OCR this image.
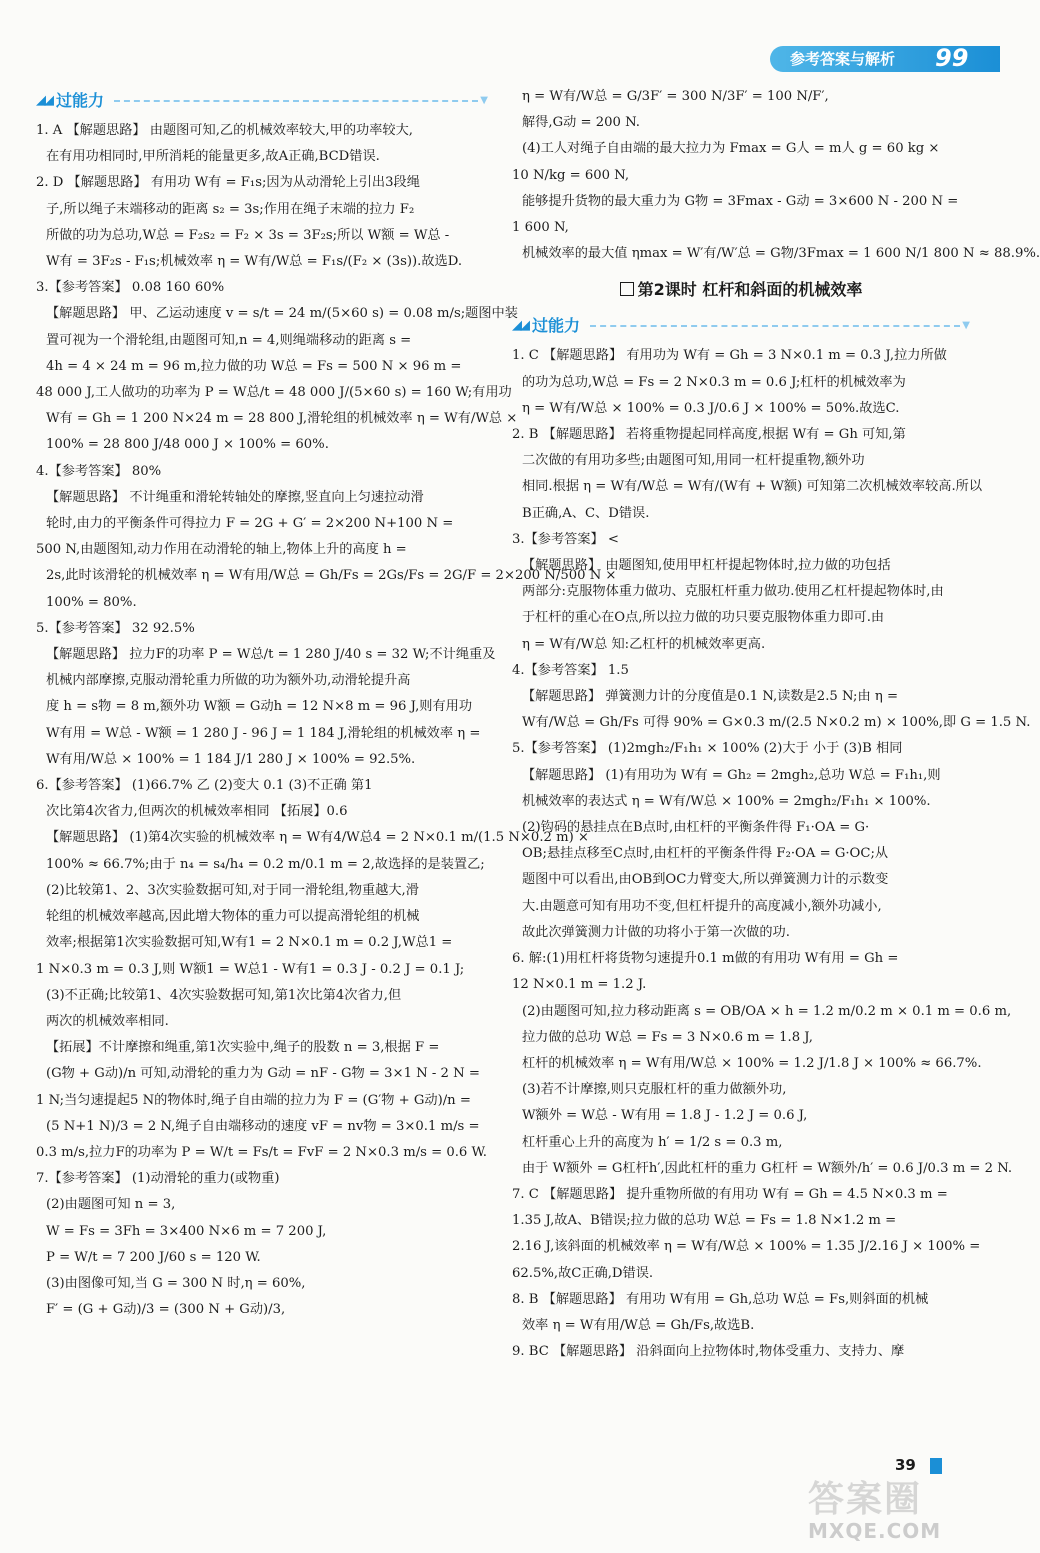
参考答案与解析 99
◢◢ 过能力	▼
1. A 【解题思路】 由题图可知,乙的机械效率较大,甲的功率较大,
在有用功相同时,甲所消耗的能量更多,故A正确,BCD错误.
2. D 【解题思路】 有用功 W有 = F₁s;因为从动滑轮上引出3段绳
子,所以绳子末端移动的距离 s₂ = 3s;作用在绳子末端的拉力 F₂
所做的功为总功,W总 = F₂s₂ = F₂ × 3s = 3F₂s;所以 W额 = W总 -
W有 = 3F₂s - F₁s;机械效率 η = W有/W总 = F₁s/(F₂ × (3s)).故选D.
3.【参考答案】 0.08 160 60%
【解题思路】 甲、乙运动速度 v = s/t = 24 m/(5×60 s) = 0.08 m/s;题图中装
置可视为一个滑轮组,由题图可知,n = 4,则绳端移动的距离 s =
4h = 4 × 24 m = 96 m,拉力做的功 W总 = Fs = 500 N × 96 m =
48 000 J,工人做功的功率为 P = W总/t = 48 000 J/(5×60 s) = 160 W;有用功
W有 = Gh = 1 200 N×24 m = 28 800 J,滑轮组的机械效率 η = W有/W总 ×
100% = 28 800 J/48 000 J × 100% = 60%.
4.【参考答案】 80%
【解题思路】 不计绳重和滑轮转轴处的摩擦,竖直向上匀速拉动滑
轮时,由力的平衡条件可得拉力 F = 2G + G′ = 2×200 N+100 N =
500 N,由题图知,动力作用在动滑轮的轴上,物体上升的高度 h =
2s,此时该滑轮的机械效率 η = W有用/W总 = Gh/Fs = 2Gs/Fs = 2G/F = 2×200 N/500 N ×
100% = 80%.
5.【参考答案】 32 92.5%
【解题思路】 拉力F的功率 P = W总/t = 1 280 J/40 s = 32 W;不计绳重及
机械内部摩擦,克服动滑轮重力所做的功为额外功,动滑轮提升高
度 h = s物 = 8 m,额外功 W额 = G动h = 12 N×8 m = 96 J,则有用功
W有用 = W总 - W额 = 1 280 J - 96 J = 1 184 J,滑轮组的机械效率 η =
W有用/W总 × 100% = 1 184 J/1 280 J × 100% = 92.5%.
6.【参考答案】 (1)66.7% 乙 (2)变大 0.1 (3)不正确 第1
次比第4次省力,但两次的机械效率相同 【拓展】0.6
【解题思路】 (1)第4次实验的机械效率 η = W有4/W总4 = 2 N×0.1 m/(1.5 N×0.2 m) ×
100% ≈ 66.7%;由于 n₄ = s₄/h₄ = 0.2 m/0.1 m = 2,故选择的是装置乙;
(2)比较第1、2、3次实验数据可知,对于同一滑轮组,物重越大,滑
轮组的机械效率越高,因此增大物体的重力可以提高滑轮组的机械
效率;根据第1次实验数据可知,W有1 = 2 N×0.1 m = 0.2 J,W总1 =
1 N×0.3 m = 0.3 J,则 W额1 = W总1 - W有1 = 0.3 J - 0.2 J = 0.1 J;
(3)不正确;比较第1、4次实验数据可知,第1次比第4次省力,但
两次的机械效率相同.
【拓展】不计摩擦和绳重,第1次实验中,绳子的股数 n = 3,根据 F =
(G物 + G动)/n 可知,动滑轮的重力为 G动 = nF - G物 = 3×1 N - 2 N =
1 N;当匀速提起5 N的物体时,绳子自由端的拉力为 F = (G′物 + G动)/n =
(5 N+1 N)/3 = 2 N,绳子自由端移动的速度 vF = nv物 = 3×0.1 m/s =
0.3 m/s,拉力F的功率为 P = W/t = Fs/t = FvF = 2 N×0.3 m/s = 0.6 W.
7.【参考答案】 (1)动滑轮的重力(或物重)
(2)由题图可知 n = 3,
W = Fs = 3Fh = 3×400 N×6 m = 7 200 J,
P = W/t = 7 200 J/60 s = 120 W.
(3)由图像可知,当 G = 300 N 时,η = 60%,
F′ = (G + G动)/3 = (300 N + G动)/3,
η = W有/W总 = G/3F′ = 300 N/3F′ = 100 N/F′,
解得,G动 = 200 N.
(4)工人对绳子自由端的最大拉力为 Fmax = G人 = m人 g = 60 kg ×
10 N/kg = 600 N,
能够提升货物的最大重力为 G物 = 3Fmax - G动 = 3×600 N - 200 N =
1 600 N,
机械效率的最大值 ηmax = W′有/W′总 = G物/3Fmax = 1 600 N/1 800 N ≈ 88.9%.
第2课时 杠杆和斜面的机械效率
◢◢ 过能力	▼
1. C 【解题思路】 有用功为 W有 = Gh = 3 N×0.1 m = 0.3 J,拉力所做
的功为总功,W总 = Fs = 2 N×0.3 m = 0.6 J;杠杆的机械效率为
η = W有/W总 × 100% = 0.3 J/0.6 J × 100% = 50%.故选C.
2. B 【解题思路】 若将重物提起同样高度,根据 W有 = Gh 可知,第
二次做的有用功多些;由题图可知,用同一杠杆提重物,额外功
相同.根据 η = W有/W总 = W有/(W有 + W额) 可知第二次机械效率较高.所以
B正确,A、C、D错误.
3.【参考答案】 <
【解题思路】 由题图知,使用甲杠杆提起物体时,拉力做的功包括
两部分:克服物体重力做功、克服杠杆重力做功.使用乙杠杆提起物体时,由
于杠杆的重心在O点,所以拉力做的功只要克服物体重力即可.由
η = W有/W总 知:乙杠杆的机械效率更高.
4.【参考答案】 1.5
【解题思路】 弹簧测力计的分度值是0.1 N,读数是2.5 N;由 η =
W有/W总 = Gh/Fs 可得 90% = G×0.3 m/(2.5 N×0.2 m) × 100%,即 G = 1.5 N.
5.【参考答案】 (1)2mgh₂/F₁h₁ × 100% (2)大于 小于 (3)B 相同
【解题思路】 (1)有用功为 W有 = Gh₂ = 2mgh₂,总功 W总 = F₁h₁,则
机械效率的表达式 η = W有/W总 × 100% = 2mgh₂/F₁h₁ × 100%.
(2)钩码的悬挂点在B点时,由杠杆的平衡条件得 F₁·OA = G·
OB;悬挂点移至C点时,由杠杆的平衡条件得 F₂·OA = G·OC;从
题图中可以看出,由OB到OC力臂变大,所以弹簧测力计的示数变
大.由题意可知有用功不变,但杠杆提升的高度减小,额外功减小,
故此次弹簧测力计做的功将小于第一次做的功.
6. 解:(1)用杠杆将货物匀速提升0.1 m做的有用功 W有用 = Gh =
12 N×0.1 m = 1.2 J.
(2)由题图可知,拉力移动距离 s = OB/OA × h = 1.2 m/0.2 m × 0.1 m = 0.6 m,
拉力做的总功 W总 = Fs = 3 N×0.6 m = 1.8 J,
杠杆的机械效率 η = W有用/W总 × 100% = 1.2 J/1.8 J × 100% ≈ 66.7%.
(3)若不计摩擦,则只克服杠杆的重力做额外功,
W额外 = W总 - W有用 = 1.8 J - 1.2 J = 0.6 J,
杠杆重心上升的高度为 h′ = 1/2 s = 0.3 m,
由于 W额外 = G杠杆h′,因此杠杆的重力 G杠杆 = W额外/h′ = 0.6 J/0.3 m = 2 N.
7. C 【解题思路】 提升重物所做的有用功 W有 = Gh = 4.5 N×0.3 m =
1.35 J,故A、B错误;拉力做的总功 W总 = Fs = 1.8 N×1.2 m =
2.16 J,该斜面的机械效率 η = W有/W总 × 100% = 1.35 J/2.16 J × 100% =
62.5%,故C正确,D错误.
8. B 【解题思路】 有用功 W有用 = Gh,总功 W总 = Fs,则斜面的机械
效率 η = W有用/W总 = Gh/Fs,故选B.
9. BC 【解题思路】 沿斜面向上拉物体时,物体受重力、支持力、摩
39
答案圈
MXQE.COM
